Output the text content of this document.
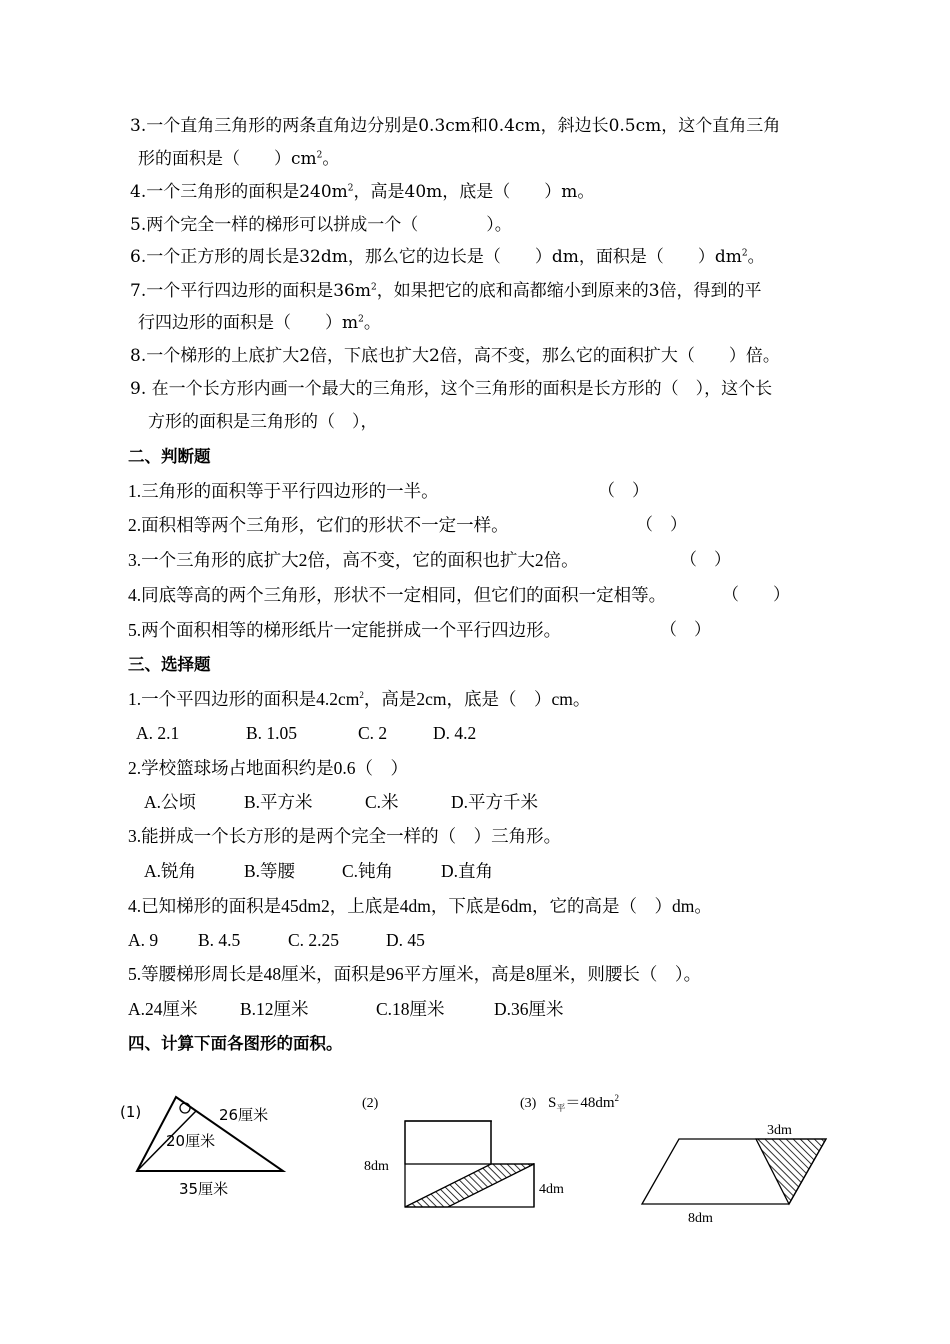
3.一个直角三角形的两条直角边分别是0.3cm和0.4cm，斜边长0.5cm，这个直角三角
形的面积是（　　）$cm^2$。
4.一个三角形的面积是$240m^2$，高是40m，底是（　　）m。
5.两个完全一样的梯形可以拼成一个（　　　　）。
6.一个正方形的周长是32dm，那么它的边长是（　　）dm，面积是（　　）$dm^2$。
7.一个平行四边形的面积是$36m^2$，如果把它的底和高都缩小到原来的3倍，得到的平
行四边形的面积是（　　）$m^2$。
8.一个梯形的上底扩大2倍，下底也扩大2倍，高不变，那么它的面积扩大（　　）倍。
9. 在一个长方形内画一个最大的三角形，这个三角形的面积是长方形的（　），这个长
方形的面积是三角形的（　），
二、判断题
1.三角形的面积等于平行四边形的一半。	（　）
2.面积相等两个三角形，它们的形状不一定一样。	（　）
3.一个三角形的底扩大2倍，高不变，它的面积也扩大2倍。	（　）
4.同底等高的两个三角形，形状不一定相同，但它们的面积一定相等。	（　　）
5.两个面积相等的梯形纸片一定能拼成一个平行四边形。	（　）
三、选择题
1.一个平四边形的面积是$4.2cm^2$，高是2cm，底是（　）cm。
A. 2.1	B. 1.05	C. 2	D. 4.2
2.学校篮球场占地面积约是0.6（　）
A.公顷	B.平方米	C.米	D.平方千米
3.能拼成一个长方形的是两个完全一样的（　）三角形。
A.锐角	B.等腰	C.钝角	D.直角
4.已知梯形的面积是45dm2，上底是4dm，下底是6dm，它的高是（　）dm。
A. 9 B. 4.5	C. 2.25	D. 45
5.等腰梯形周长是48厘米，面积是96平方厘米，高是8厘米，则腰长（　）。
A.24厘米 B.12厘米	C.18厘米	D.36厘米
四、计算下面各图形的面积。
(1)	26厘米
20厘米
35厘米
(2)
8dm
4dm
(3) $S_平=48dm^2$
3dm
8dm
